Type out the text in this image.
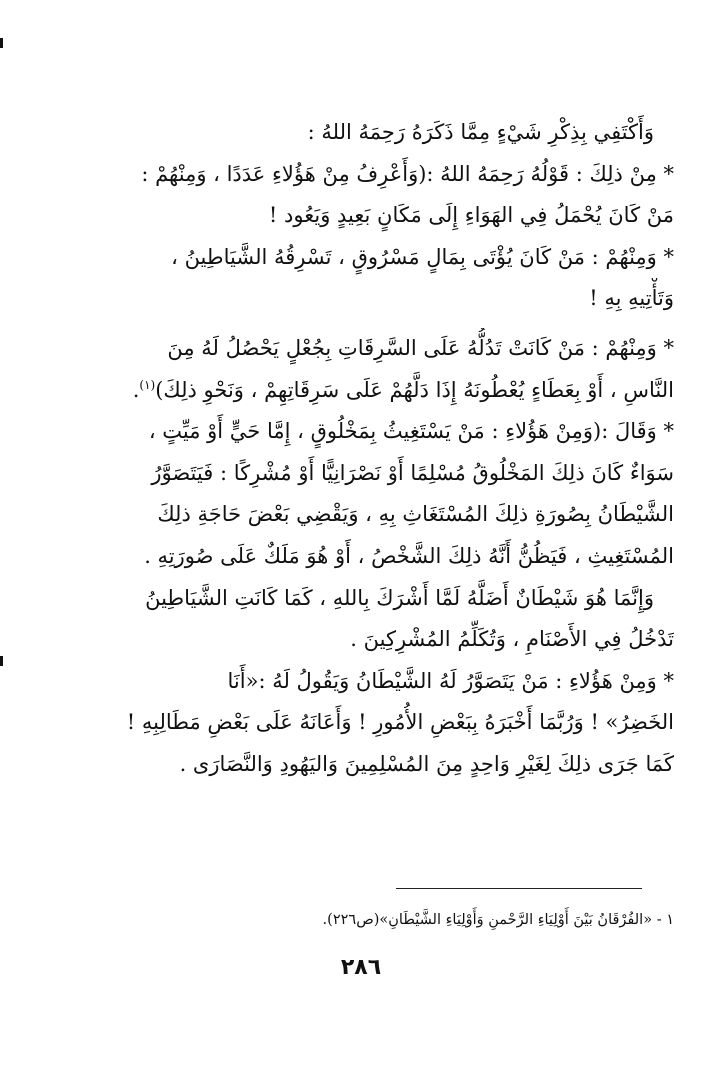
وَأَكْتَفِي بِذِكْرِ شَيْءٍ مِمَّا ذَكَرَهُ رَحِمَهُ اللهُ :
* مِنْ ذلِكَ : قَوْلُهُ رَحِمَهُ اللهُ :(وَأَعْرِفُ مِنْ هَؤُلاءِ عَدَدًا ، وَمِنْهُمْ :
مَنْ كَانَ يُحْمَلُ فِي الهَوَاءِ إِلَى مَكَانٍ بَعِيدٍ وَيَعُود !
* وَمِنْهُمْ : مَنْ كَانَ يُؤْتَى بِمَالٍ مَسْرُوقٍ ، تَسْرِقُهُ الشَّيَاطِينُ ،
وَتَأْتِيهِ بِهِ !
* وَمِنْهُمْ : مَنْ كَانَتْ تَدُلُّهُ عَلَى السَّرِقَاتِ بِجُعْلٍ يَحْصُلُ لَهُ مِنَ
النَّاسِ ، أَوْ بِعَطَاءٍ يُعْطُونَهُ إِذَا دَلَّهُمْ عَلَى سَرِقَاتِهِمْ ، وَنَحْوِ ذلِكَ)$^{(١)}$.
* وَقَالَ :(وَمِنْ هَؤُلاءِ : مَنْ يَسْتَغِيثُ بِمَخْلُوقٍ ، إِمَّا حَيٍّ أَوْ مَيِّتٍ ،
سَوَاءٌ كَانَ ذلِكَ المَخْلُوقُ مُسْلِمًا أَوْ نَصْرَانِيًّا أَوْ مُشْرِكًا : فَيَتَصَوَّرُ
الشَّيْطَانُ بِصُورَةِ ذلِكَ المُسْتَغَاثِ بِهِ ، وَيَقْضِي بَعْضَ حَاجَةِ ذلِكَ
المُسْتَغِيثِ ، فَيَظُنُّ أَنَّهُ ذلِكَ الشَّخْصُ ، أَوْ هُوَ مَلَكٌ عَلَى صُورَتِهِ .
وَإِنَّمَا هُوَ شَيْطَانٌ أَضَلَّهُ لَمَّا أَشْرَكَ بِاللهِ ، كَمَا كَانَتِ الشَّيَاطِينُ
تَدْخُلُ فِي الأَصْنَامِ ، وَتُكَلِّمُ المُشْرِكِينَ .
* وَمِنْ هَؤُلاءِ : مَنْ يَتَصَوَّرُ لَهُ الشَّيْطَانُ وَيَقُولُ لَهُ :«أَنَا
الخَضِرُ» ! وَرُبَّمَا أَخْبَرَهُ بِبَعْضِ الأُمُورِ ! وَأَعَانَهُ عَلَى بَعْضِ مَطَالِبِهِ !
كَمَا جَرَى ذلِكَ لِغَيْرِ وَاحِدٍ مِنَ المُسْلِمِينَ وَاليَهُودِ وَالنَّصَارَى .
١ - «الفُرْقَانُ بَيْنَ أَوْلِيَاءِ الرَّحْمنِ وَأَوْلِيَاءِ الشَّيْطَانِ»(ص٢٢٦).
٢٨٦
